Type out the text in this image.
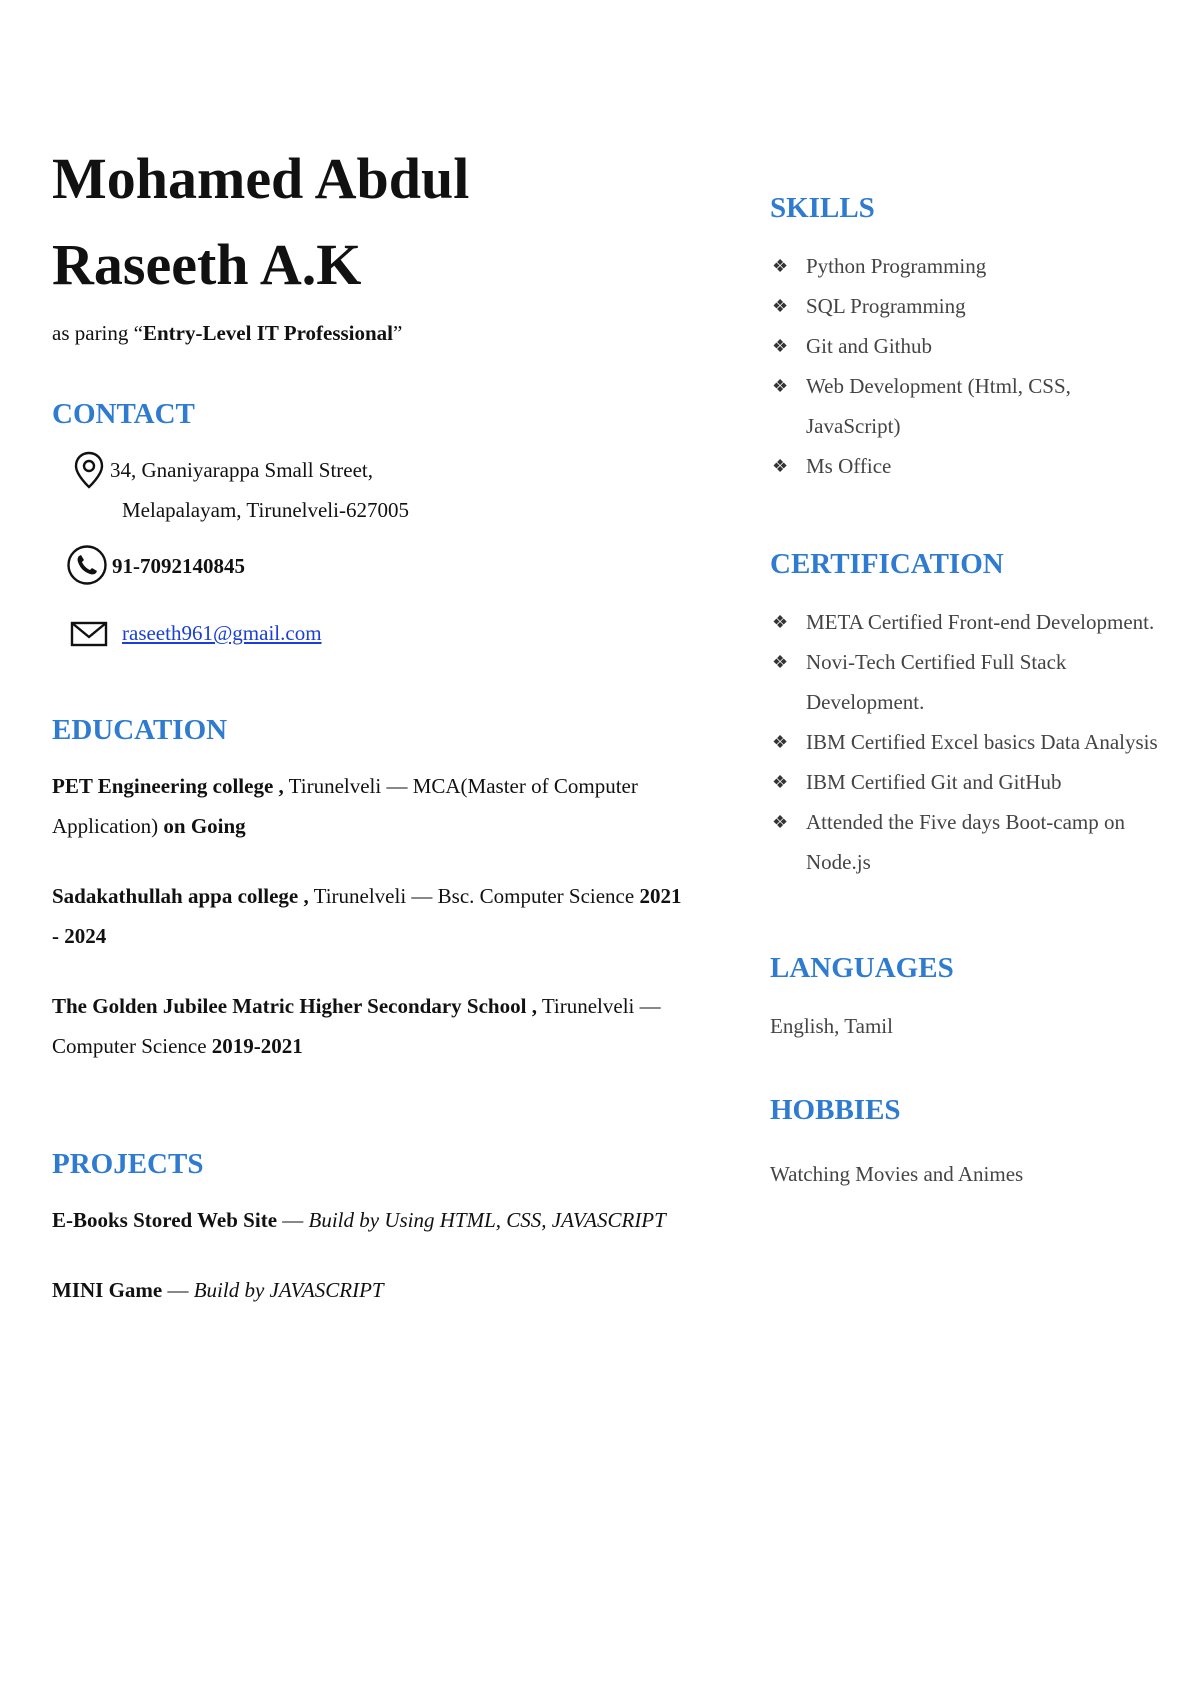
Mohamed Abdul
Raseeth A.K
as paring “Entry-Level IT Professional”
CONTACT
34, Gnaniyarappa Small Street,
Melapalayam, Tirunelveli-627005
91-7092140845
raseeth961@gmail.com
EDUCATION
PET Engineering college , Tirunelveli — MCA(Master of Computer Application) on Going
Sadakathullah appa college , Tirunelveli — Bsc. Computer Science 2021 - 2024
The Golden Jubilee Matric Higher Secondary School , Tirunelveli — Computer Science 2019-2021
PROJECTS
E-Books Stored Web Site — Build by Using HTML, CSS, JAVASCRIPT
MINI Game — Build by JAVASCRIPT
SKILLS
❖ Python Programming
❖ SQL Programming
❖ Git and Github
❖ Web Development (Html, CSS, JavaScript)
❖ Ms Office
CERTIFICATION
❖ META Certified Front-end Development.
❖ Novi-Tech Certified Full Stack Development.
❖ IBM Certified Excel basics Data Analysis
❖ IBM Certified Git and GitHub
❖ Attended the Five days Boot-camp on Node.js
LANGUAGES
English, Tamil
HOBBIES
Watching Movies and Animes
